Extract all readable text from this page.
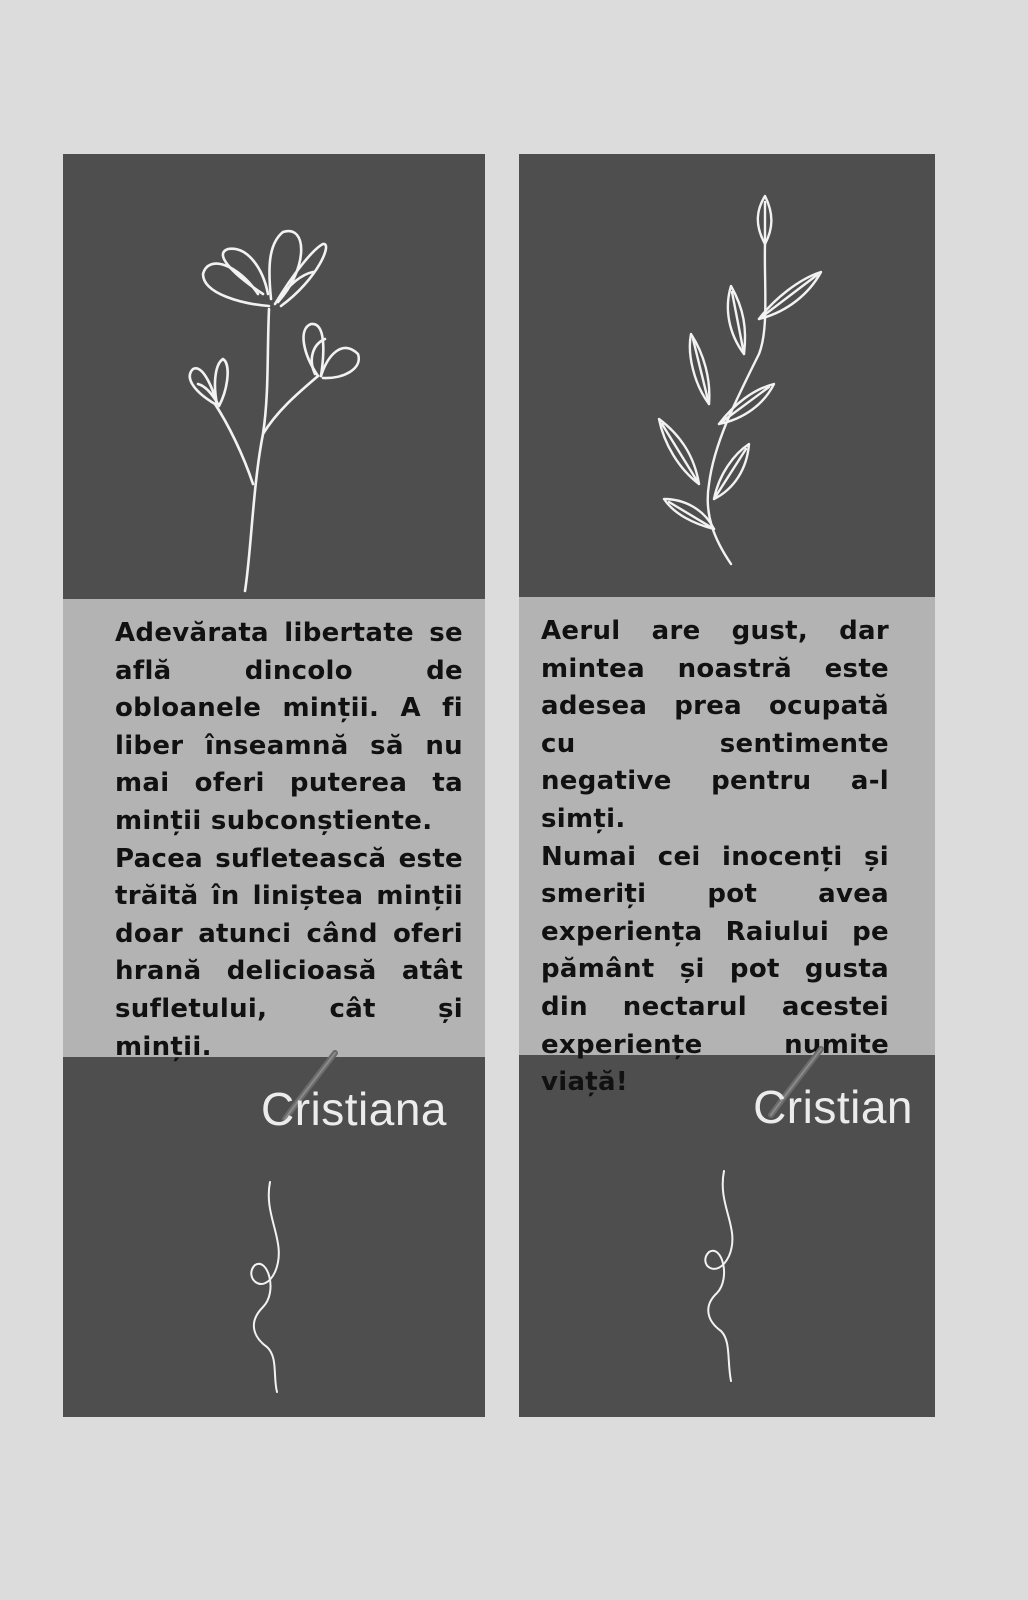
Adevărata libertate se află dincolo de obloanele minții. A fi liber înseamnă să nu mai oferi puterea ta minții subconștiente.
Pacea sufletească este trăită în liniștea minții doar atunci când oferi hrană delicioasă atât sufletului, cât și minții.

Cristiana

Aerul are gust, dar mintea noastră este adesea prea ocupată cu sentimente negative pentru a-l simți.
Numai cei inocenți și smeriți pot avea experiența Raiului pe pământ și pot gusta din nectarul acestei experiențe numite viață!	Cristian
